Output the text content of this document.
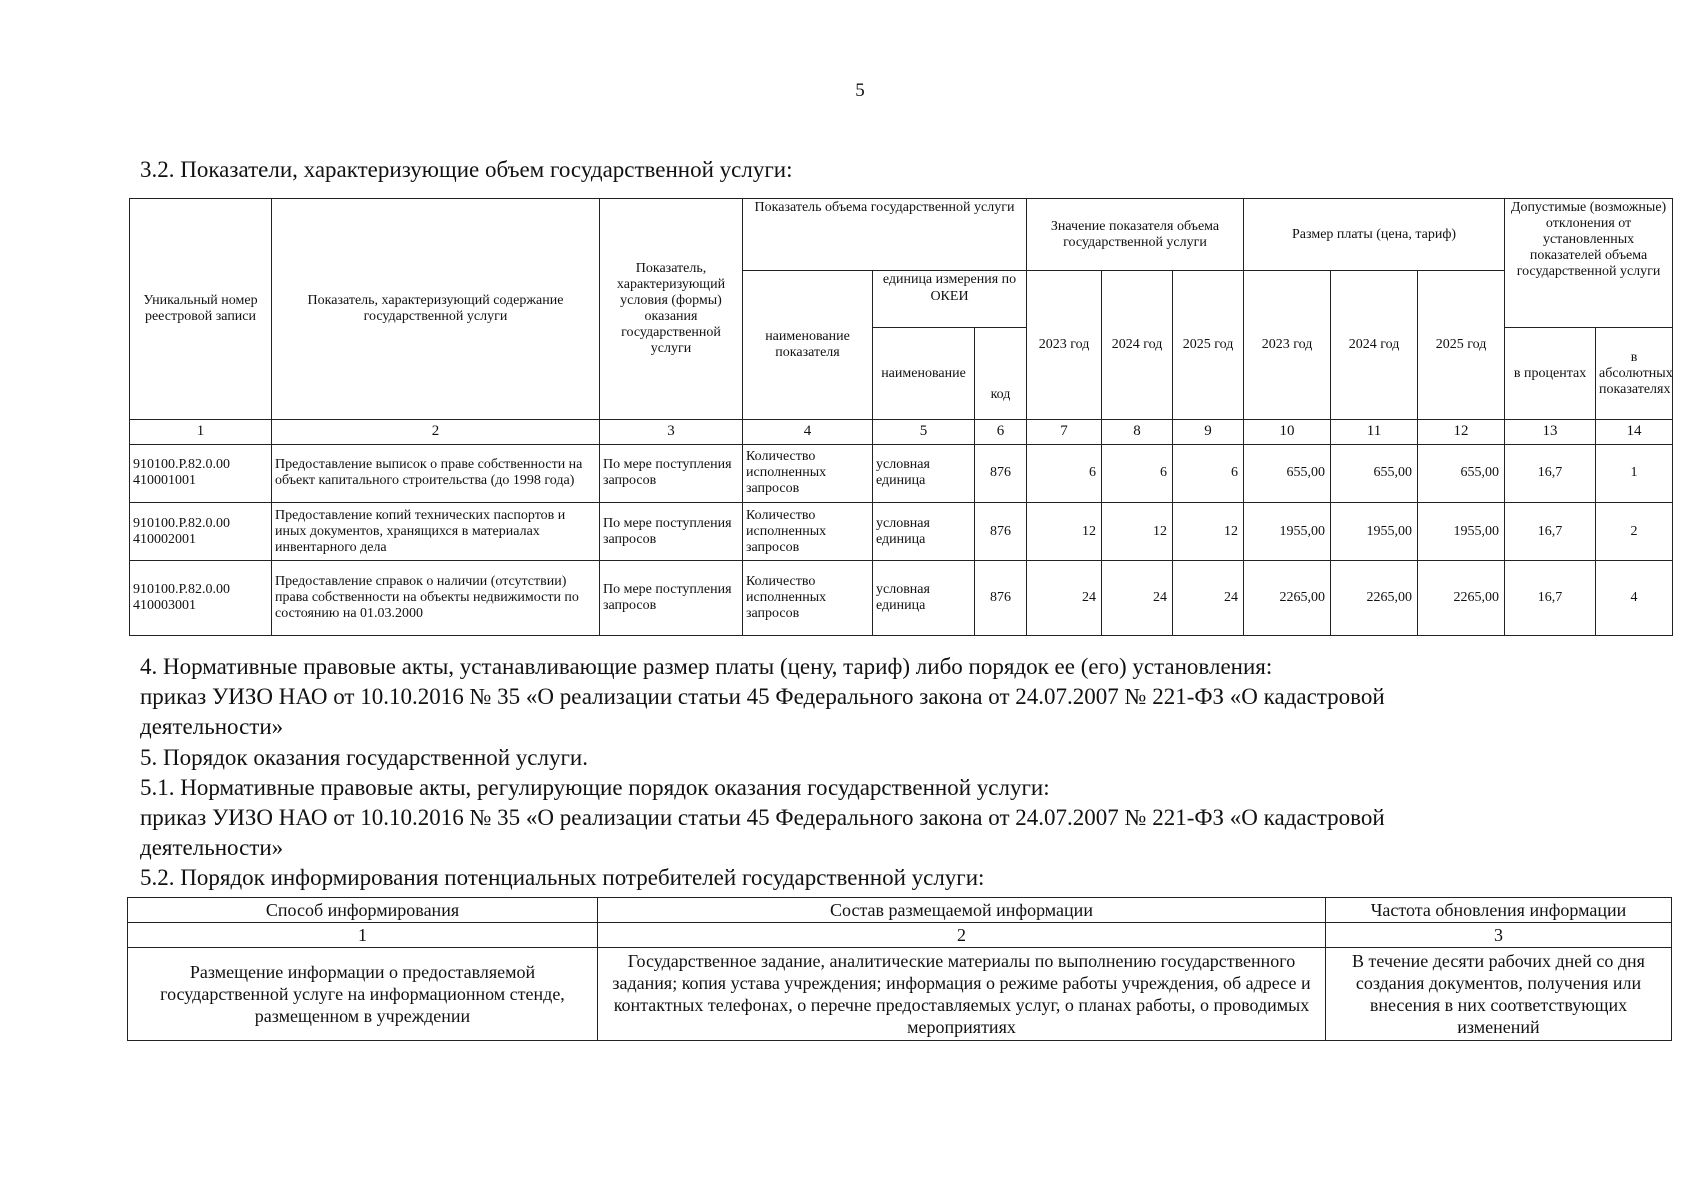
5
3.2. Показатели, характеризующие объем государственной услуги:
Уникальный номер реестровой записи	Показатель, характеризующий содержание государственной услуги	Показатель, характеризующий условия (формы) оказания государственной услуги	Показатель объема государственной услуги			Значение показателя объема государственной услуги			Размер платы (цена, тариф)			Допустимые (возможные) отклонения от установленных показателей объема государственной услуги	
			наименование показателя	единица измерения по ОКЕИ		2023 год	2024 год	2025 год	2023 год	2024 год	2025 год		
				наименование	код							в процентах	в абсолютных показателях
1	2	3	4	5	6	7	8	9	10	11	12	13	14
910100.Р.82.0.00 410001001	Предоставление выписок о праве собственности на объект капитального строительства (до 1998 года)	По мере поступления запросов	Количество исполненных запросов	условная единица	876	6	6	6	655,00	655,00	655,00	16,7	1
910100.Р.82.0.00 410002001	Предоставление копий технических паспортов и иных документов, хранящихся в материалах инвентарного дела	По мере поступления запросов	Количество исполненных запросов	условная единица	876	12	12	12	1955,00	1955,00	1955,00	16,7	2
910100.Р.82.0.00 410003001	Предоставление справок о наличии (отсутствии) права собственности на объекты недвижимости по состоянию на 01.03.2000	По мере поступления запросов	Количество исполненных запросов	условная единица	876	24	24	24	2265,00	2265,00	2265,00	16,7	4
4. Нормативные правовые акты, устанавливающие размер платы (цену, тариф) либо порядок ее (его) установления:
приказ УИЗО НАО от 10.10.2016 № 35 «О реализации статьи 45 Федерального закона от 24.07.2007 № 221-ФЗ «О кадастровой
деятельности»
5. Порядок оказания государственной услуги.
5.1. Нормативные правовые акты, регулирующие порядок оказания государственной услуги:
приказ УИЗО НАО от 10.10.2016 № 35 «О реализации статьи 45 Федерального закона от 24.07.2007 № 221-ФЗ «О кадастровой
деятельности»
5.2. Порядок информирования потенциальных потребителей государственной услуги:
Способ информирования	Состав размещаемой информации	Частота обновления информации
1	2	3
Размещение информации о предоставляемой государственной услуге на информационном стенде, размещенном в учреждении	Государственное задание, аналитические материалы по выполнению государственного задания; копия устава учреждения; информация о режиме работы учреждения, об адресе и контактных телефонах, о перечне предоставляемых услуг, о планах работы, о проводимых мероприятиях	В течение десяти рабочих дней со дня создания документов, получения или внесения в них соответствующих изменений
